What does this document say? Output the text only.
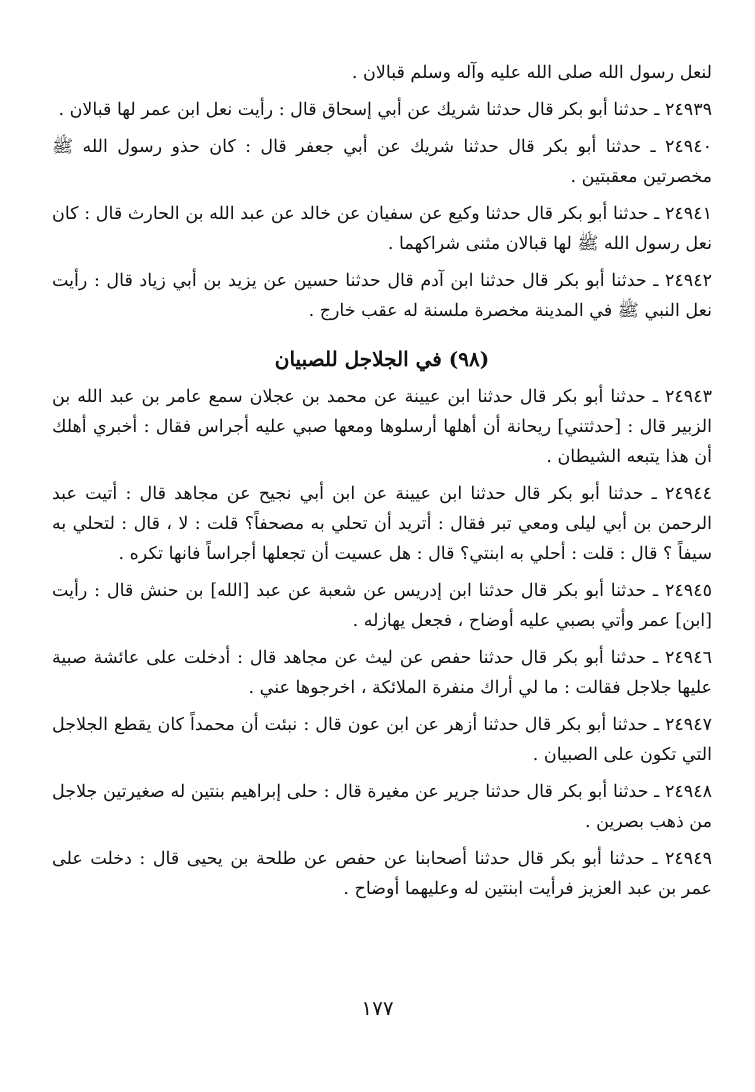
لنعل رسول الله صلى الله عليه وآله وسلم قبالان .

٢٤٩٣٩ ـ حدثنا أبو بكر قال حدثنا شريك عن أبي إسحاق قال : رأيت نعل ابن عمر لها قبالان .

٢٤٩٤٠ ـ حدثنا أبو بكر قال حدثنا شريك عن أبي جعفر قال : كان حذو رسول الله ﷺ مخصرتين معقبتين .

٢٤٩٤١ ـ حدثنا أبو بكر قال حدثنا وكيع عن سفيان عن خالد عن عبد الله بن الحارث قال : كان نعل رسول الله ﷺ لها قبالان مثنى شراكهما .

٢٤٩٤٢ ـ حدثنا أبو بكر قال حدثنا ابن آدم قال حدثنا حسين عن يزيد بن أبي زياد قال : رأيت نعل النبي ﷺ في المدينة مخصرة ملسنة له عقب خارج .

(٩٨) في الجلاجل للصبيان

٢٤٩٤٣ ـ حدثنا أبو بكر قال حدثنا ابن عيينة عن محمد بن عجلان سمع عامر بن عبد الله بن الزبير قال : [حدثتني] ريحانة أن أهلها أرسلوها ومعها صبي عليه أجراس فقال : أخبري أهلك أن هذا يتبعه الشيطان .

٢٤٩٤٤ ـ حدثنا أبو بكر قال حدثنا ابن عيينة عن ابن أبي نجيح عن مجاهد قال : أتيت عبد الرحمن بن أبي ليلى ومعي تبر فقال : أتريد أن تحلي به مصحفاً؟ قلت : لا ، قال : لتحلي به سيفاً ؟ قال : قلت : أحلي به ابنتي؟ قال : هل عسيت أن تجعلها أجراساً فانها تكره .

٢٤٩٤٥ ـ حدثنا أبو بكر قال حدثنا ابن إدريس عن شعبة عن عبد [الله] بن حنش قال : رأيت [ابن] عمر وأتي بصبي عليه أوضاح ، فجعل يهازله .

٢٤٩٤٦ ـ حدثنا أبو بكر قال حدثنا حفص عن ليث عن مجاهد قال : أدخلت على عائشة صبية عليها جلاجل فقالت : ما لي أراك منفرة الملائكة ، اخرجوها عني .

٢٤٩٤٧ ـ حدثنا أبو بكر قال حدثنا أزهر عن ابن عون قال : نبئت أن محمداً كان يقطع الجلاجل التي تكون على الصبيان .

٢٤٩٤٨ ـ حدثنا أبو بكر قال حدثنا جرير عن مغيرة قال : حلى إبراهيم بنتين له صغيرتين جلاجل من ذهب بصرين .

٢٤٩٤٩ ـ حدثنا أبو بكر قال حدثنا أصحابنا عن حفص عن طلحة بن يحيى قال : دخلت على عمر بن عبد العزيز فرأيت ابنتين له وعليهما أوضاح .

١٧٧
